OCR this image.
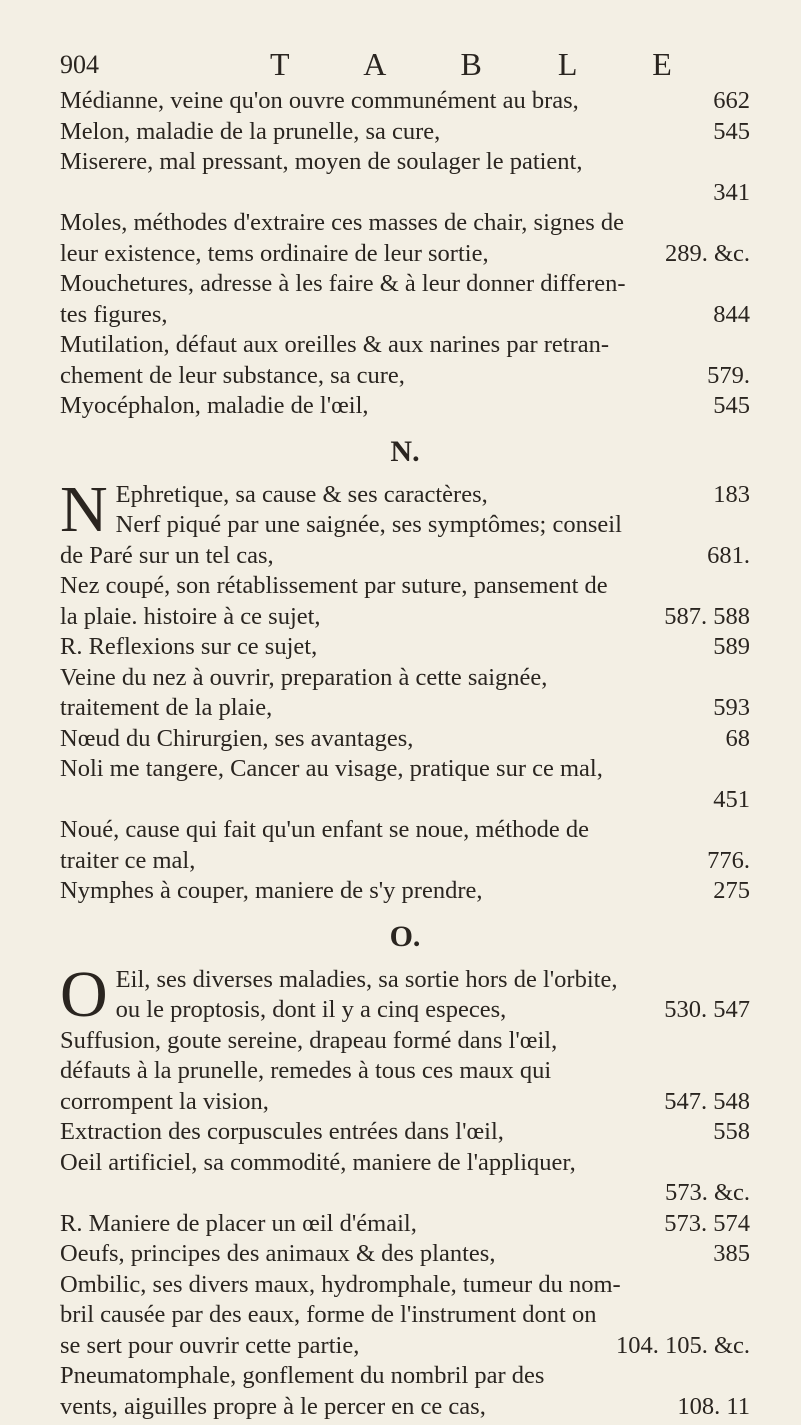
904	T A B L E
Médianne, veine qu'on ouvre communément au bras,	662
Melon, maladie de la prunelle, sa cure,	545
Miserere, mal pressant, moyen de soulager le patient,
341
Moles, méthodes d'extraire ces masses de chair, signes de
leur existence, tems ordinaire de leur sortie,	289. &c.
Mouchetures, adresse à les faire & à leur donner differen-
tes figures,	844
Mutilation, défaut aux oreilles & aux narines par retran-
chement de leur substance, sa cure,	579.
Myocéphalon, maladie de l'œil,	545
N.
N Ephretique, sa cause & ses caractères,	183
Nerf piqué par une saignée, ses symptômes; conseil
de Paré sur un tel cas,	681.
Nez coupé, son rétablissement par suture, pansement de
la plaie. histoire à ce sujet,	587. 588
R. Reflexions sur ce sujet,	589
Veine du nez à ouvrir, preparation à cette saignée,
traitement de la plaie,	593
Nœud du Chirurgien, ses avantages,	68
Noli me tangere, Cancer au visage, pratique sur ce mal,
451
Noué, cause qui fait qu'un enfant se noue, méthode de
traiter ce mal,	776.
Nymphes à couper, maniere de s'y prendre,	275
O.
O Eil, ses diverses maladies, sa sortie hors de l'orbite,
ou le proptosis, dont il y a cinq especes,	530. 547
Suffusion, goute sereine, drapeau formé dans l'œil,
défauts à la prunelle, remedes à tous ces maux qui
corrompent la vision,	547. 548
Extraction des corpuscules entrées dans l'œil,	558
Oeil artificiel, sa commodité, maniere de l'appliquer,
573. &c.
R. Maniere de placer un œil d'émail,	573. 574
Oeufs, principes des animaux & des plantes,	385
Ombilic, ses divers maux, hydromphale, tumeur du nom-
bril causée par des eaux, forme de l'instrument dont on
se sert pour ouvrir cette partie,	104. 105. &c.
Pneumatomphale, gonflement du nombril par des
vents, aiguilles propre à le percer en ce cas,	108. 11
